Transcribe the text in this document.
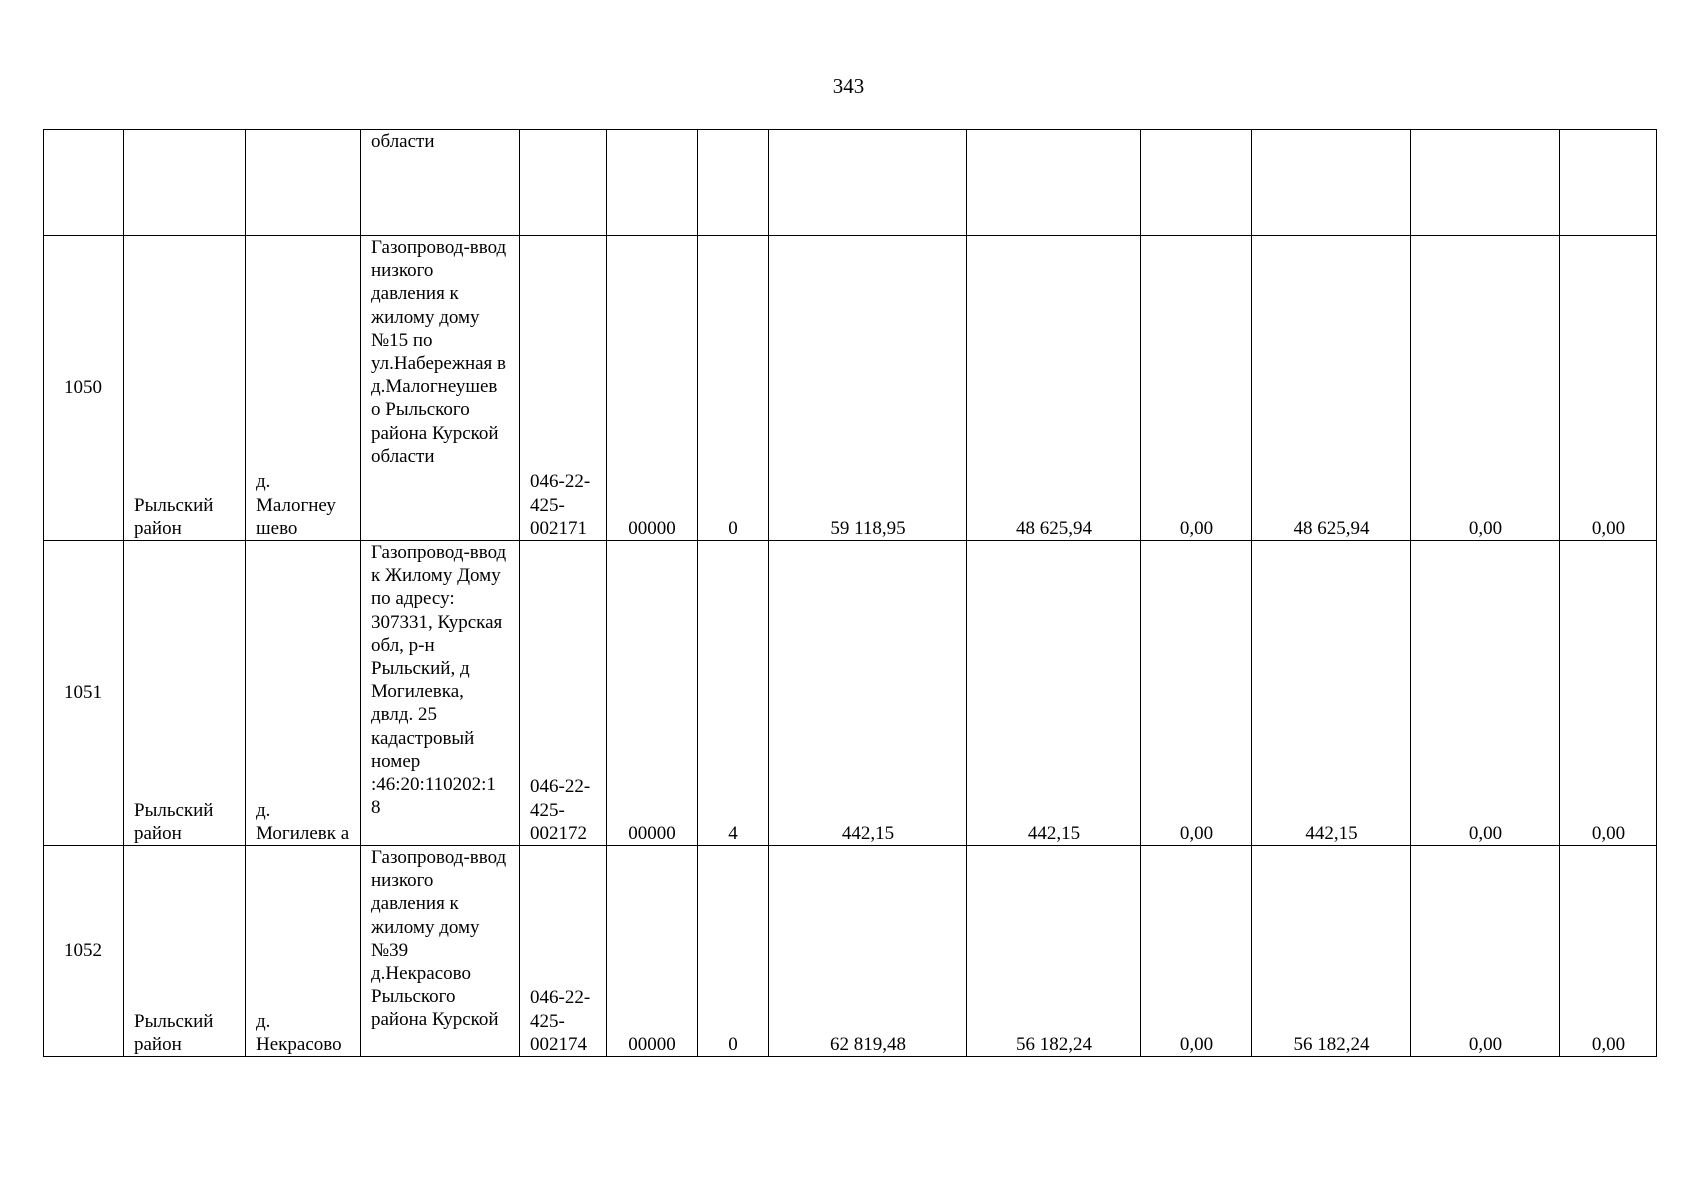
343
			области									
1050	Рыльский район	д. Малогнеу шево	Газопровод-ввод низкого давления к жилому дому №15 по ул.Набережная в д.Малогнеушев о Рыльского района Курской области	046-22-425-002171	00000	0	59 118,95	48 625,94	0,00	48 625,94	0,00	0,00
1051	Рыльский район	д. Могилевк а	Газопровод-ввод к Жилому Дому по адресу: 307331, Курская обл, р-н Рыльский, д Могилевка, двлд. 25 кадастровый номер :46:20:110202:1 8	046-22-425-002172	00000	4	442,15	442,15	0,00	442,15	0,00	0,00
1052	Рыльский район	д. Некрасово	Газопровод-ввод низкого давления к жилому дому №39 д.Некрасово Рыльского района Курской	046-22-425-002174	00000	0	62 819,48	56 182,24	0,00	56 182,24	0,00	0,00
